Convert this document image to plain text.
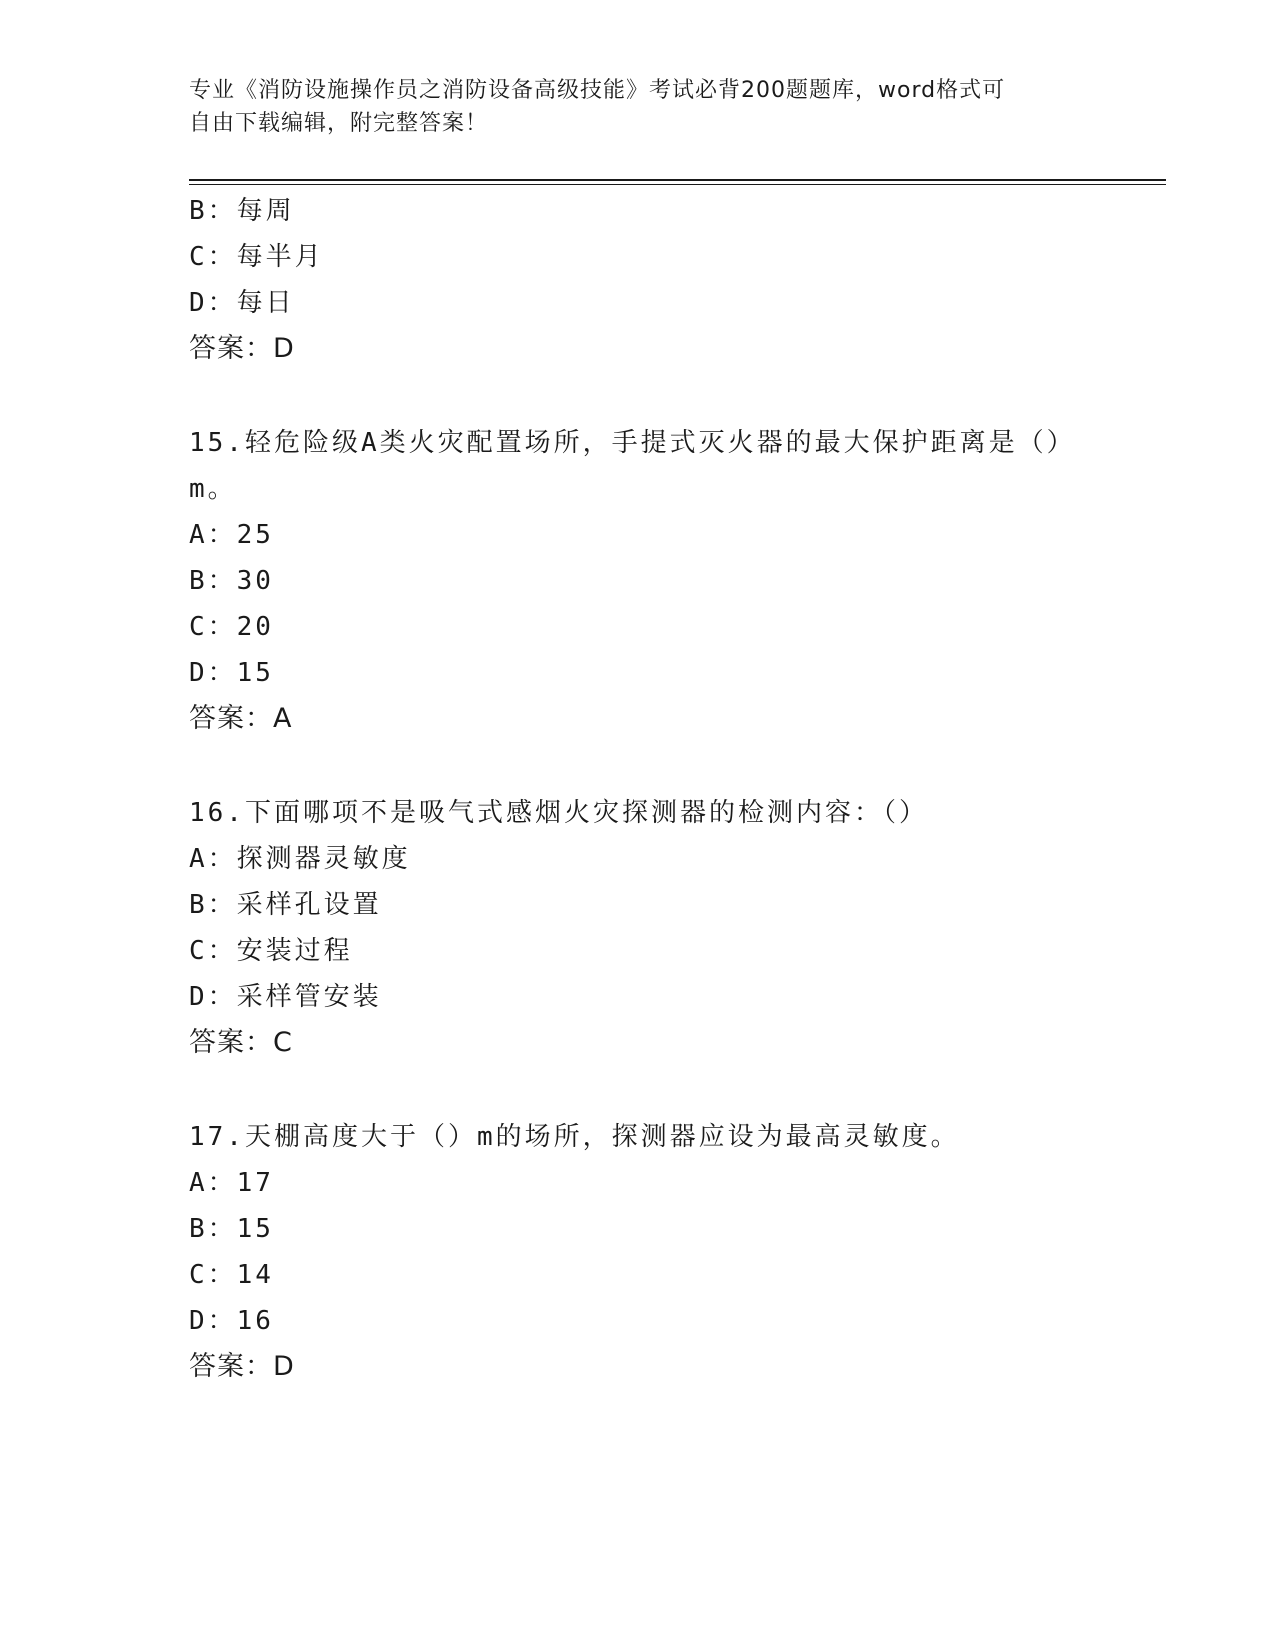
专业《消防设施操作员之消防设备高级技能》考试必背200题题库，word格式可
自由下载编辑，附完整答案！
B：每周
C：每半月
D：每日
答案：D
15.轻危险级A类火灾配置场所，手提式灭火器的最大保护距离是（）
m。
A：25
B：30
C：20
D：15
答案：A
16.下面哪项不是吸气式感烟火灾探测器的检测内容：（）
A：探测器灵敏度
B：采样孔设置
C：安装过程
D：采样管安装
答案：C
17.天棚高度大于（）m的场所，探测器应设为最高灵敏度。
A：17
B：15
C：14
D：16
答案：D
